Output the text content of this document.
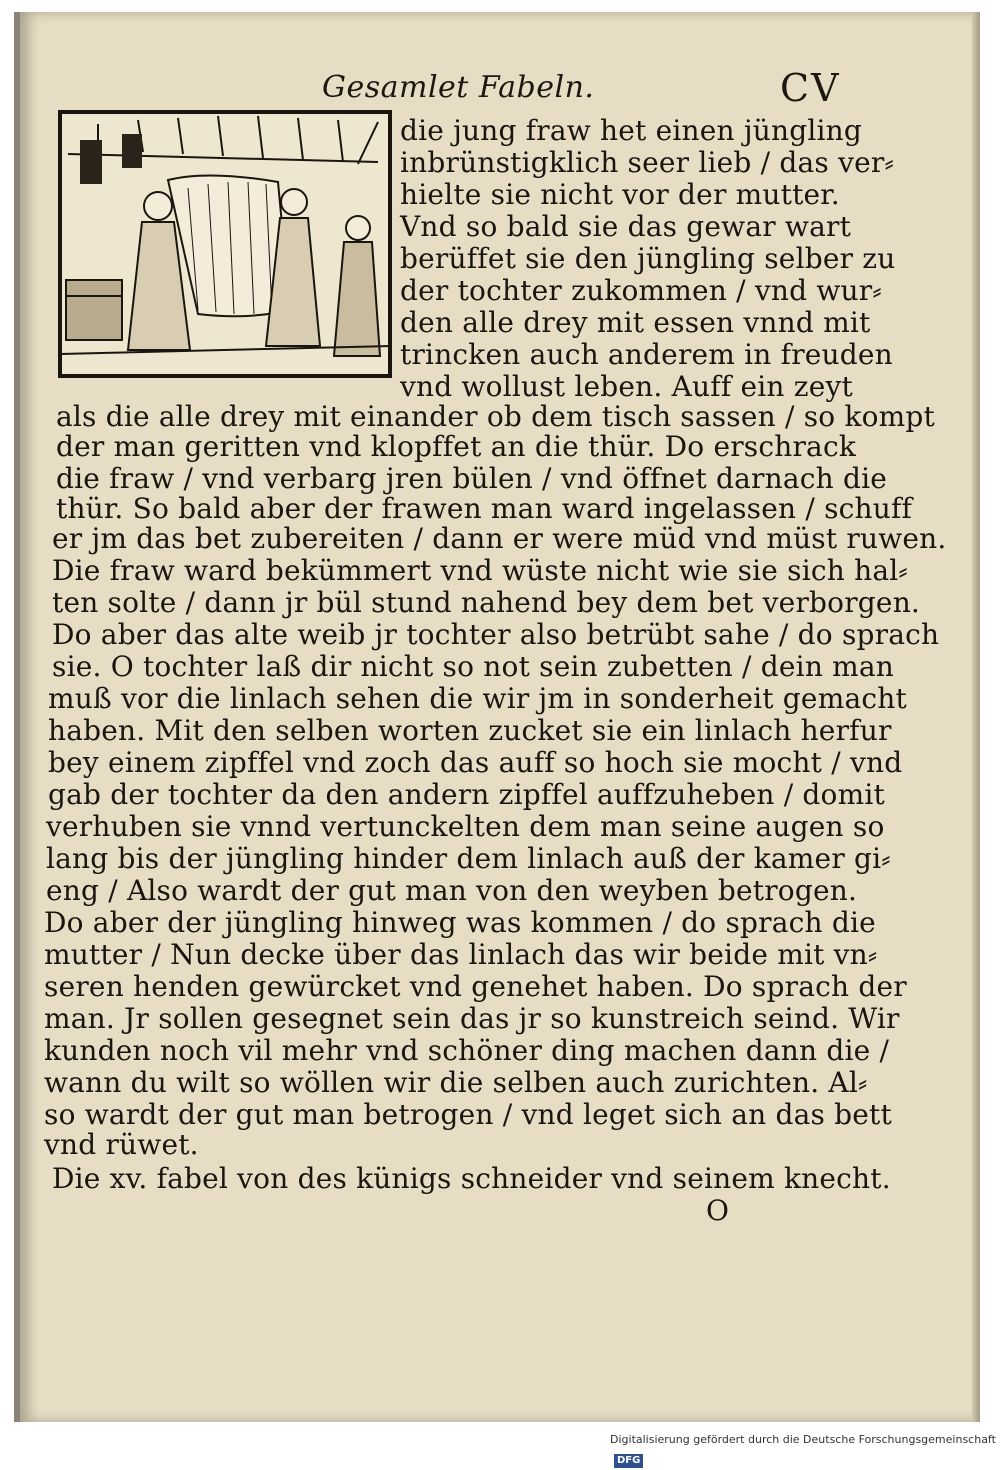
Gesamlet Fabeln.	CV
die jung fraw het einen jüngling
inbrünstigklich seer lieb / das ver⸗
hielte sie nicht vor der mutter.
Vnd so bald sie das gewar wart
berüffet sie den jüngling selber zu
der tochter zukommen / vnd wur⸗
den alle drey mit essen vnnd mit
trincken auch anderem in freuden
vnd wollust leben. Auff ein zeyt
als die alle drey mit einander ob dem tisch sassen / so kompt
der man geritten vnd klopffet an die thür. Do erschrack
die fraw / vnd verbarg jren bülen / vnd öffnet darnach die
thür. So bald aber der frawen man ward ingelassen / schuff
er jm das bet zubereiten / dann er were müd vnd müst ruwen.
Die fraw ward bekümmert vnd wüste nicht wie sie sich hal⸗
ten solte / dann jr bül stund nahend bey dem bet verborgen.
Do aber das alte weib jr tochter also betrübt sahe / do sprach
sie. O tochter laß dir nicht so not sein zubetten / dein man
muß vor die linlach sehen die wir jm in sonderheit gemacht
haben. Mit den selben worten zucket sie ein linlach herfur
bey einem zipffel vnd zoch das auff so hoch sie mocht / vnd
gab der tochter da den andern zipffel auffzuheben / domit
verhuben sie vnnd vertunckelten dem man seine augen so
lang bis der jüngling hinder dem linlach auß der kamer gi⸗
eng / Also wardt der gut man von den weyben betrogen.
Do aber der jüngling hinweg was kommen / do sprach die
mutter / Nun decke über das linlach das wir beide mit vn⸗
seren henden gewürcket vnd genehet haben. Do sprach der
man. Jr sollen gesegnet sein das jr so kunstreich seind. Wir
kunden noch vil mehr vnd schöner ding machen dann die /
wann du wilt so wöllen wir die selben auch zurichten. Al⸗
so wardt der gut man betrogen / vnd leget sich an das bett
vnd rüwet.
Die xv. fabel von des künigs schneider vnd seinem knecht.
O
Digitalisierung gefördert durch die Deutsche Forschungsgemeinschaft DFG
